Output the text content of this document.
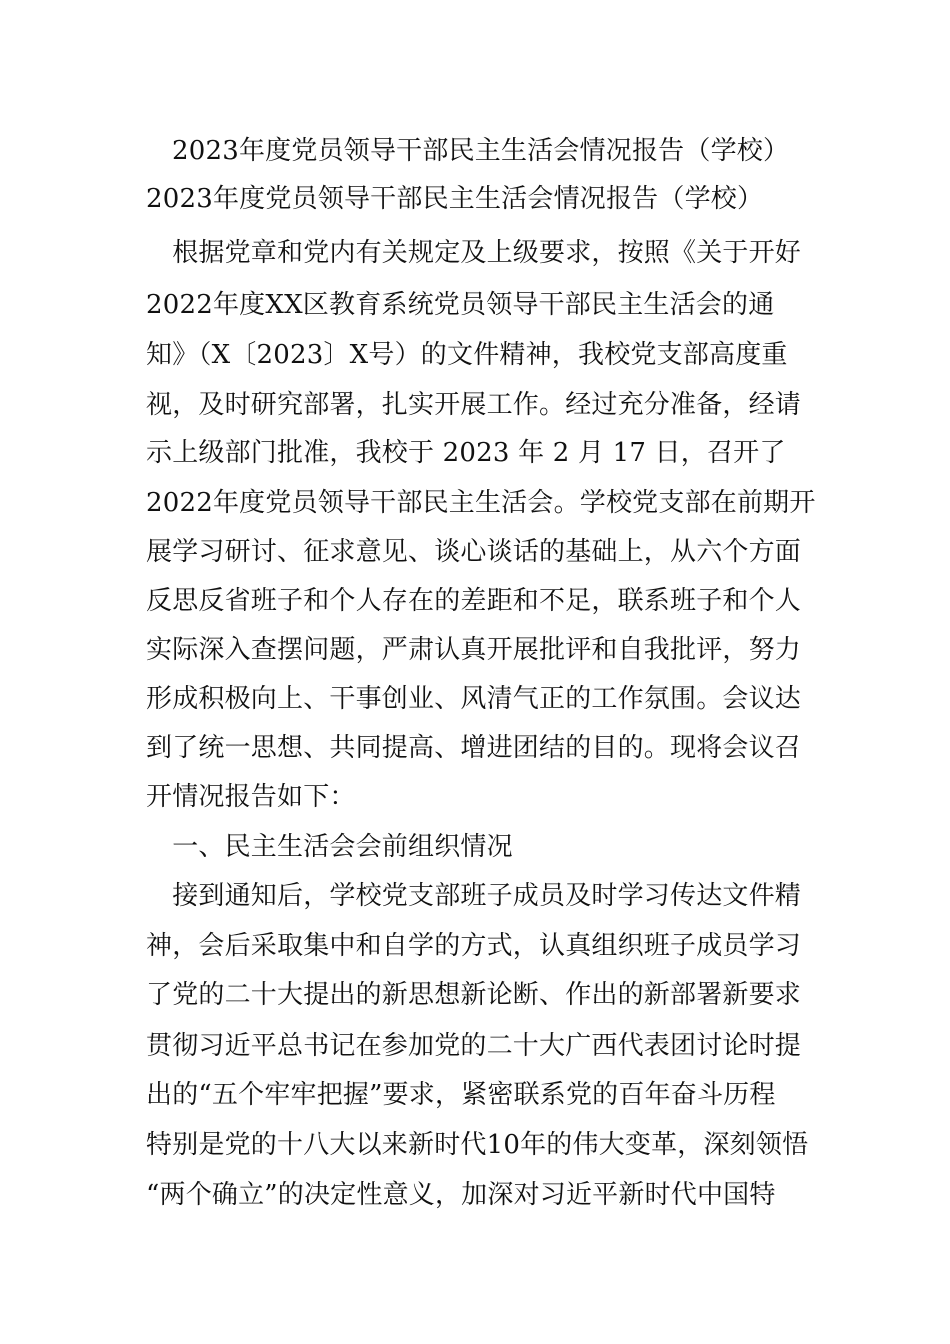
2023年度党员领导干部民主生活会情况报告（学校）
2023年度党员领导干部民主生活会情况报告（学校）
　根据党章和党内有关规定及上级要求，按照《关于开好
2022年度XX区教育系统党员领导干部民主生活会的通
知》（X〔2023〕X号）的文件精神，我校党支部高度重
视，及时研究部署，扎实开展工作。经过充分准备，经请
示上级部门批准，我校于 2023 年 2 月 17 日，召开了
2022年度党员领导干部民主生活会。学校党支部在前期开
展学习研讨、征求意见、谈心谈话的基础上，从六个方面
反思反省班子和个人存在的差距和不足，联系班子和个人
实际深入查摆问题，严肃认真开展批评和自我批评，努力
形成积极向上、干事创业、风清气正的工作氛围。会议达
到了统一思想、共同提高、增进团结的目的。现将会议召
开情况报告如下：
　一、民主生活会会前组织情况
　接到通知后，学校党支部班子成员及时学习传达文件精
神，会后采取集中和自学的方式，认真组织班子成员学习
了党的二十大提出的新思想新论断、作出的新部署新要求
贯彻习近平总书记在参加党的二十大广西代表团讨论时提
出的“五个牢牢把握”要求，紧密联系党的百年奋斗历程
特别是党的十八大以来新时代10年的伟大变革，深刻领悟
“两个确立”的决定性意义，加深对习近平新时代中国特
